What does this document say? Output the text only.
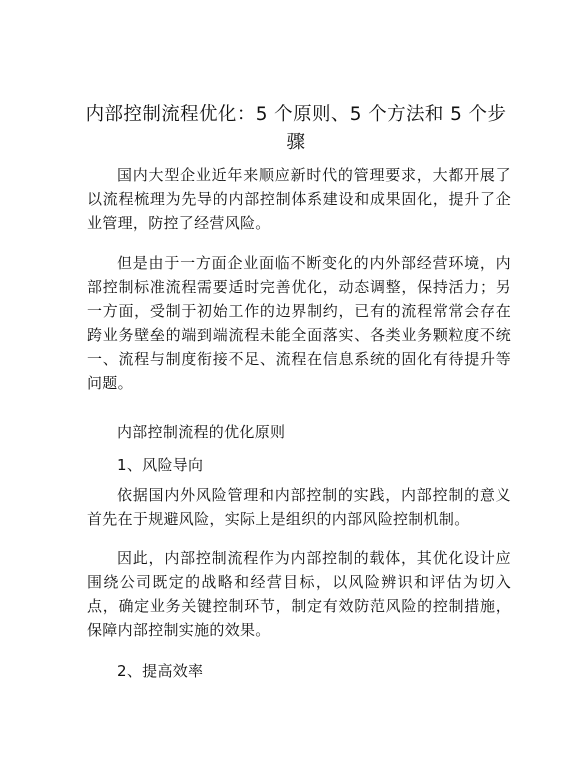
内部控制流程优化：5 个原则、5 个方法和 5 个步骤

国内大型企业近年来顺应新时代的管理要求，大都开展了以流程梳理为先导的内部控制体系建设和成果固化，提升了企业管理，防控了经营风险。

但是由于一方面企业面临不断变化的内外部经营环境，内部控制标准流程需要适时完善优化，动态调整，保持活力；另一方面，受制于初始工作的边界制约，已有的流程常常会存在跨业务壁垒的端到端流程未能全面落实、各类业务颗粒度不统一、流程与制度衔接不足、流程在信息系统的固化有待提升等问题。

内部控制流程的优化原则
1、风险导向

依据国内外风险管理和内部控制的实践，内部控制的意义首先在于规避风险，实际上是组织的内部风险控制机制。

因此，内部控制流程作为内部控制的载体，其优化设计应围绕公司既定的战略和经营目标，以风险辨识和评估为切入点，确定业务关键控制环节，制定有效防范风险的控制措施，保障内部控制实施的效果。

2、提高效率
